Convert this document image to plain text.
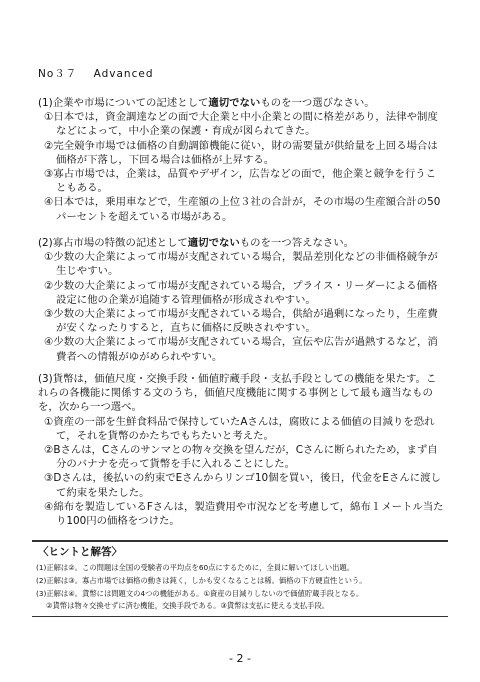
No３７ Advanced
(1)企業や市場についての記述として適切でないものを一つ選びなさい。
①日本では，資金調達などの面で大企業と中小企業との間に格差があり，法律や制度などによって，中小企業の保護・育成が図られてきた。
②完全競争市場では価格の自動調節機能に従い，財の需要量が供給量を上回る場合は価格が下落し，下回る場合は価格が上昇する。
③寡占市場では，企業は，品質やデザイン，広告などの面で，他企業と競争を行うこともある。
④日本では，乗用車などで，生産額の上位３社の合計が，その市場の生産額合計の50パーセントを超えている市場がある。
(2)寡占市場の特徴の記述として適切でないものを一つ答えなさい。
①少数の大企業によって市場が支配されている場合，製品差別化などの非価格競争が生じやすい。
②少数の大企業によって市場が支配されている場合，プライス・リーダーによる価格設定に他の企業が追随する管理価格が形成されやすい。
③少数の大企業によって市場が支配されている場合，供給が過剰になったり，生産費が安くなったりすると，直ちに価格に反映されやすい。
④少数の大企業によって市場が支配されている場合，宣伝や広告が過熱するなど，消費者への情報がゆがめられやすい。
(3)貨幣は，価値尺度・交換手段・価値貯蔵手段・支払手段としての機能を果たす。これらの各機能に関係する文のうち，価値尺度機能に関する事例として最も適当なものを，次から一つ選べ。
①資産の一部を生鮮食料品で保持していたAさんは，腐敗による価値の目減りを恐れて，それを貨幣のかたちでもちたいと考えた。
②Bさんは，Cさんのサンマとの物々交換を望んだが，Cさんに断られたため，まず自分のバナナを売って貨幣を手に入れることにした。
③Dさんは，後払いの約束でEさんからリンゴ10個を買い，後日，代金をEさんに渡して約束を果たした。
④綿布を製造しているFさんは，製造費用や市況などを考慮して，綿布１メートル当たり100円の価格をつけた。
〈ヒントと解答〉
(1)正解は②。この問題は全国の受験者の平均点を60点にするために，全員に解いてほしい出題。
(2)正解は③。寡占市場では価格の動きは鈍く，しかも安くなることは稀。価格の下方硬直性という。
(3)正解は④。貨幣には問題文の4つの機能がある。①資産の目減りしないので価値貯蔵手段となる。
②貨幣は物々交換せずに済む機能，交換手段である。③貨幣は支払に使える支払手段。
- 2 -
